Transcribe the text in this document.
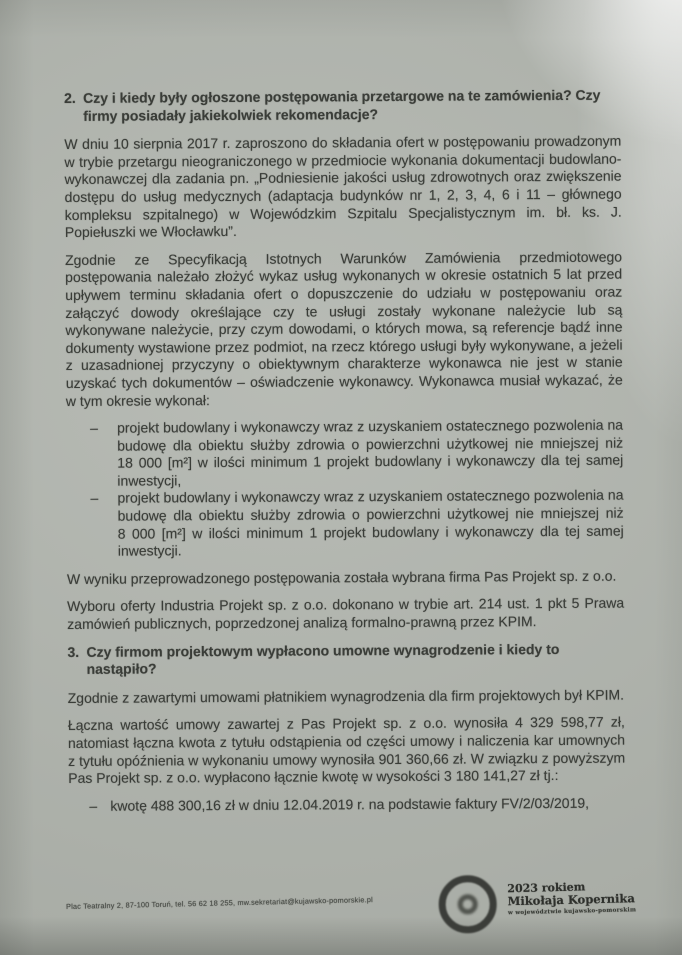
2. Czy i kiedy były ogłoszone postępowania przetargowe na te zamówienia? Czy firmy posiadały jakiekolwiek rekomendacje?

W dniu 10 sierpnia 2017 r. zaproszono do składania ofert w postępowaniu prowadzonym w trybie przetargu nieograniczonego w przedmiocie wykonania dokumentacji budowlano-wykonawczej dla zadania pn. „Podniesienie jakości usług zdrowotnych oraz zwiększenie dostępu do usług medycznych (adaptacja budynków nr 1, 2, 3, 4, 6 i 11 – głównego kompleksu szpitalnego) w Wojewódzkim Szpitalu Specjalistycznym im. bł. ks. J. Popiełuszki we Włocławku”.

Zgodnie ze Specyfikacją Istotnych Warunków Zamówienia przedmiotowego postępowania należało złożyć wykaz usług wykonanych w okresie ostatnich 5 lat przed upływem terminu składania ofert o dopuszczenie do udziału w postępowaniu oraz załączyć dowody określające czy te usługi zostały wykonane należycie lub są wykonywane należycie, przy czym dowodami, o których mowa, są referencje bądź inne dokumenty wystawione przez podmiot, na rzecz którego usługi były wykonywane, a jeżeli z uzasadnionej przyczyny o obiektywnym charakterze wykonawca nie jest w stanie uzyskać tych dokumentów – oświadczenie wykonawcy. Wykonawca musiał wykazać, że w tym okresie wykonał:

–	projekt budowlany i wykonawczy wraz z uzyskaniem ostatecznego pozwolenia na budowę dla obiektu służby zdrowia o powierzchni użytkowej nie mniejszej niż 18 000 [m²] w ilości minimum 1 projekt budowlany i wykonawczy dla tej samej inwestycji,
–	projekt budowlany i wykonawczy wraz z uzyskaniem ostatecznego pozwolenia na budowę dla obiektu służby zdrowia o powierzchni użytkowej nie mniejszej niż 8 000 [m²] w ilości minimum 1 projekt budowlany i wykonawczy dla tej samej inwestycji.

W wyniku przeprowadzonego postępowania została wybrana firma Pas Projekt sp. z o.o.

Wyboru oferty Industria Projekt sp. z o.o. dokonano w trybie art. 214 ust. 1 pkt 5 Prawa zamówień publicznych, poprzedzonej analizą formalno-prawną przez KPIM.

3. Czy firmom projektowym wypłacono umowne wynagrodzenie i kiedy to nastąpiło?

Zgodnie z zawartymi umowami płatnikiem wynagrodzenia dla firm projektowych był KPIM.

Łączna wartość umowy zawartej z Pas Projekt sp. z o.o. wynosiła 4 329 598,77 zł, natomiast łączna kwota z tytułu odstąpienia od części umowy i naliczenia kar umownych z tytułu opóźnienia w wykonaniu umowy wynosiła 901 360,66 zł. W związku z powyższym Pas Projekt sp. z o.o. wypłacono łącznie kwotę w wysokości 3 180 141,27 zł tj.:

– kwotę 488 300,16 zł w dniu 12.04.2019 r. na podstawie faktury FV/2/03/2019,
Plac Teatralny 2, 87-100 Toruń, tel. 56 62 18 255, mw.sekretariat@kujawsko-pomorskie.pl
2023 rokiem
Mikołaja Kopernika
w województwie kujawsko-pomorskim
